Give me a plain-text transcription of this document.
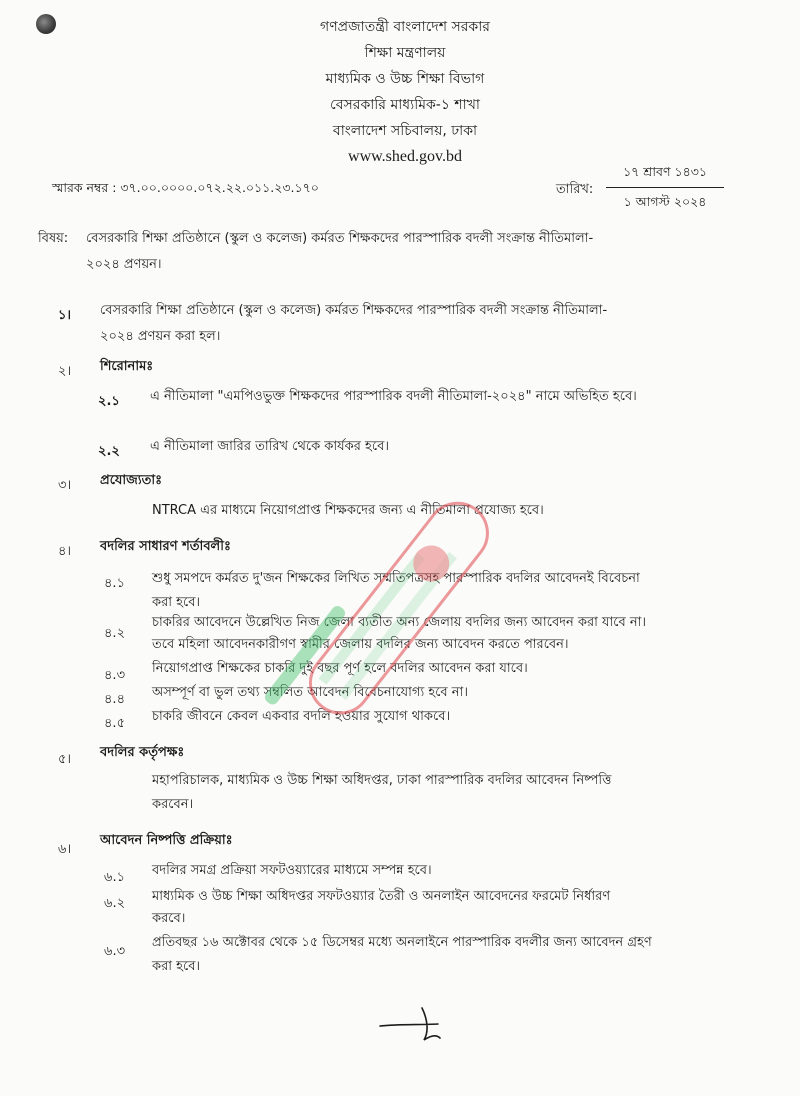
গণপ্রজাতন্ত্রী বাংলাদেশ সরকার
শিক্ষা মন্ত্রণালয়
মাধ্যমিক ও উচ্চ শিক্ষা বিভাগ
বেসরকারি মাধ্যমিক-১ শাখা
বাংলাদেশ সচিবালয়, ঢাকা
www.shed.gov.bd
স্মারক নম্বর : ৩৭.০০.০০০০.০৭২.২২.০১১.২৩.১৭০	তারিখ:
১৭ শ্রাবণ ১৪৩১
১ আগস্ট ২০২৪
বিষয়: বেসরকারি শিক্ষা প্রতিষ্ঠানে (স্কুল ও কলেজ) কর্মরত শিক্ষকদের পারস্পারিক বদলী সংক্রান্ত নীতিমালা-
২০২৪ প্রণয়ন।
১। বেসরকারি শিক্ষা প্রতিষ্ঠানে (স্কুল ও কলেজ) কর্মরত শিক্ষকদের পারস্পারিক বদলী সংক্রান্ত নীতিমালা-
২০২৪ প্রণয়ন করা হল।
২। শিরোনামঃ
২.১ এ নীতিমালা "এমপিওভুক্ত শিক্ষকদের পারস্পারিক বদলী নীতিমালা-২০২৪" নামে অভিহিত হবে।
২.২ এ নীতিমালা জারির তারিখ থেকে কার্যকর হবে।
৩। প্রযোজ্যতাঃ
NTRCA এর মাধ্যমে নিয়োগপ্রাপ্ত শিক্ষকদের জন্য এ নীতিমালা প্রযোজ্য হবে।
৪। বদলির সাধারণ শর্তাবলীঃ
৪.১ শুধু সমপদে কর্মরত দু'জন শিক্ষকের লিখিত সম্মতিপত্রসহ পারস্পারিক বদলির আবেদনই বিবেচনা
করা হবে।
৪.২
চাকরির আবেদনে উল্লেখিত নিজ জেলা ব্যতীত অন্য জেলায় বদলির জন্য আবেদন করা যাবে না।
তবে মহিলা আবেদনকারীগণ স্বামীর জেলায় বদলির জন্য আবেদন করতে পারবেন।
৪.৩ নিয়োগপ্রাপ্ত শিক্ষকের চাকরি দুই বছর পূর্ণ হলে বদলির আবেদন করা যাবে।
৪.৪ অসম্পূর্ণ বা ভুল তথ্য সম্বলিত আবেদন বিবেচনাযোগ্য হবে না।
৪.৫ চাকরি জীবনে কেবল একবার বদলি হওয়ার সুযোগ থাকবে।
৫। বদলির কর্তৃপক্ষঃ
মহাপরিচালক, মাধ্যমিক ও উচ্চ শিক্ষা অধিদপ্তর, ঢাকা পারস্পারিক বদলির আবেদন নিষ্পত্তি
করবেন।
৬।
আবেদন নিষ্পত্তি প্রক্রিয়াঃ
৬.১ বদলির সমগ্র প্রক্রিয়া সফটওয়্যারের মাধ্যমে সম্পন্ন হবে।
৬.২ মাধ্যমিক ও উচ্চ শিক্ষা অধিদপ্তর সফটওয়্যার তৈরী ও অনলাইন আবেদনের ফরমেট নির্ধারণ
করবে।
৬.৩
প্রতিবছর ১৬ অক্টোবর থেকে ১৫ ডিসেম্বর মধ্যে অনলাইনে পারস্পারিক বদলীর জন্য আবেদন গ্রহণ
করা হবে।
